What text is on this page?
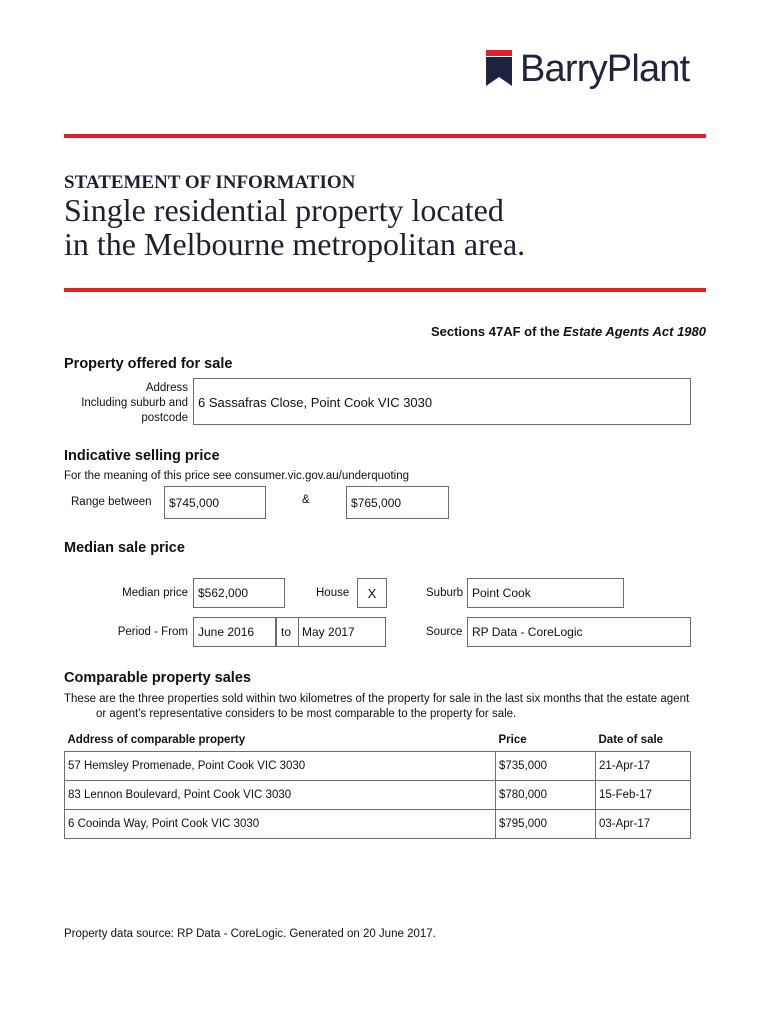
BarryPlant
STATEMENT OF INFORMATION
Single residential property located
in the Melbourne metropolitan area.
Sections 47AF of the Estate Agents Act 1980
Property offered for sale
Address
Including suburb and
postcode
6 Sassafras Close, Point Cook VIC 3030
Indicative selling price
For the meaning of this price see consumer.vic.gov.au/underquoting
Range between	$745,000	&	$765,000
Median sale price
Median price $562,000	House	X	Suburb Point Cook
Period - From June 2016	to May 2017	Source RP Data - CoreLogic
Comparable property sales
These are the three properties sold within two kilometres of the property for sale in the last six months that the estate agent
or agent's representative considers to be most comparable to the property for sale.
Address of comparable property	Price	Date of sale
57 Hemsley Promenade, Point Cook VIC 3030	$735,000	21-Apr-17
83 Lennon Boulevard, Point Cook VIC 3030	$780,000	15-Feb-17
6 Cooinda Way, Point Cook VIC 3030	$795,000	03-Apr-17
Property data source: RP Data - CoreLogic. Generated on 20 June 2017.
